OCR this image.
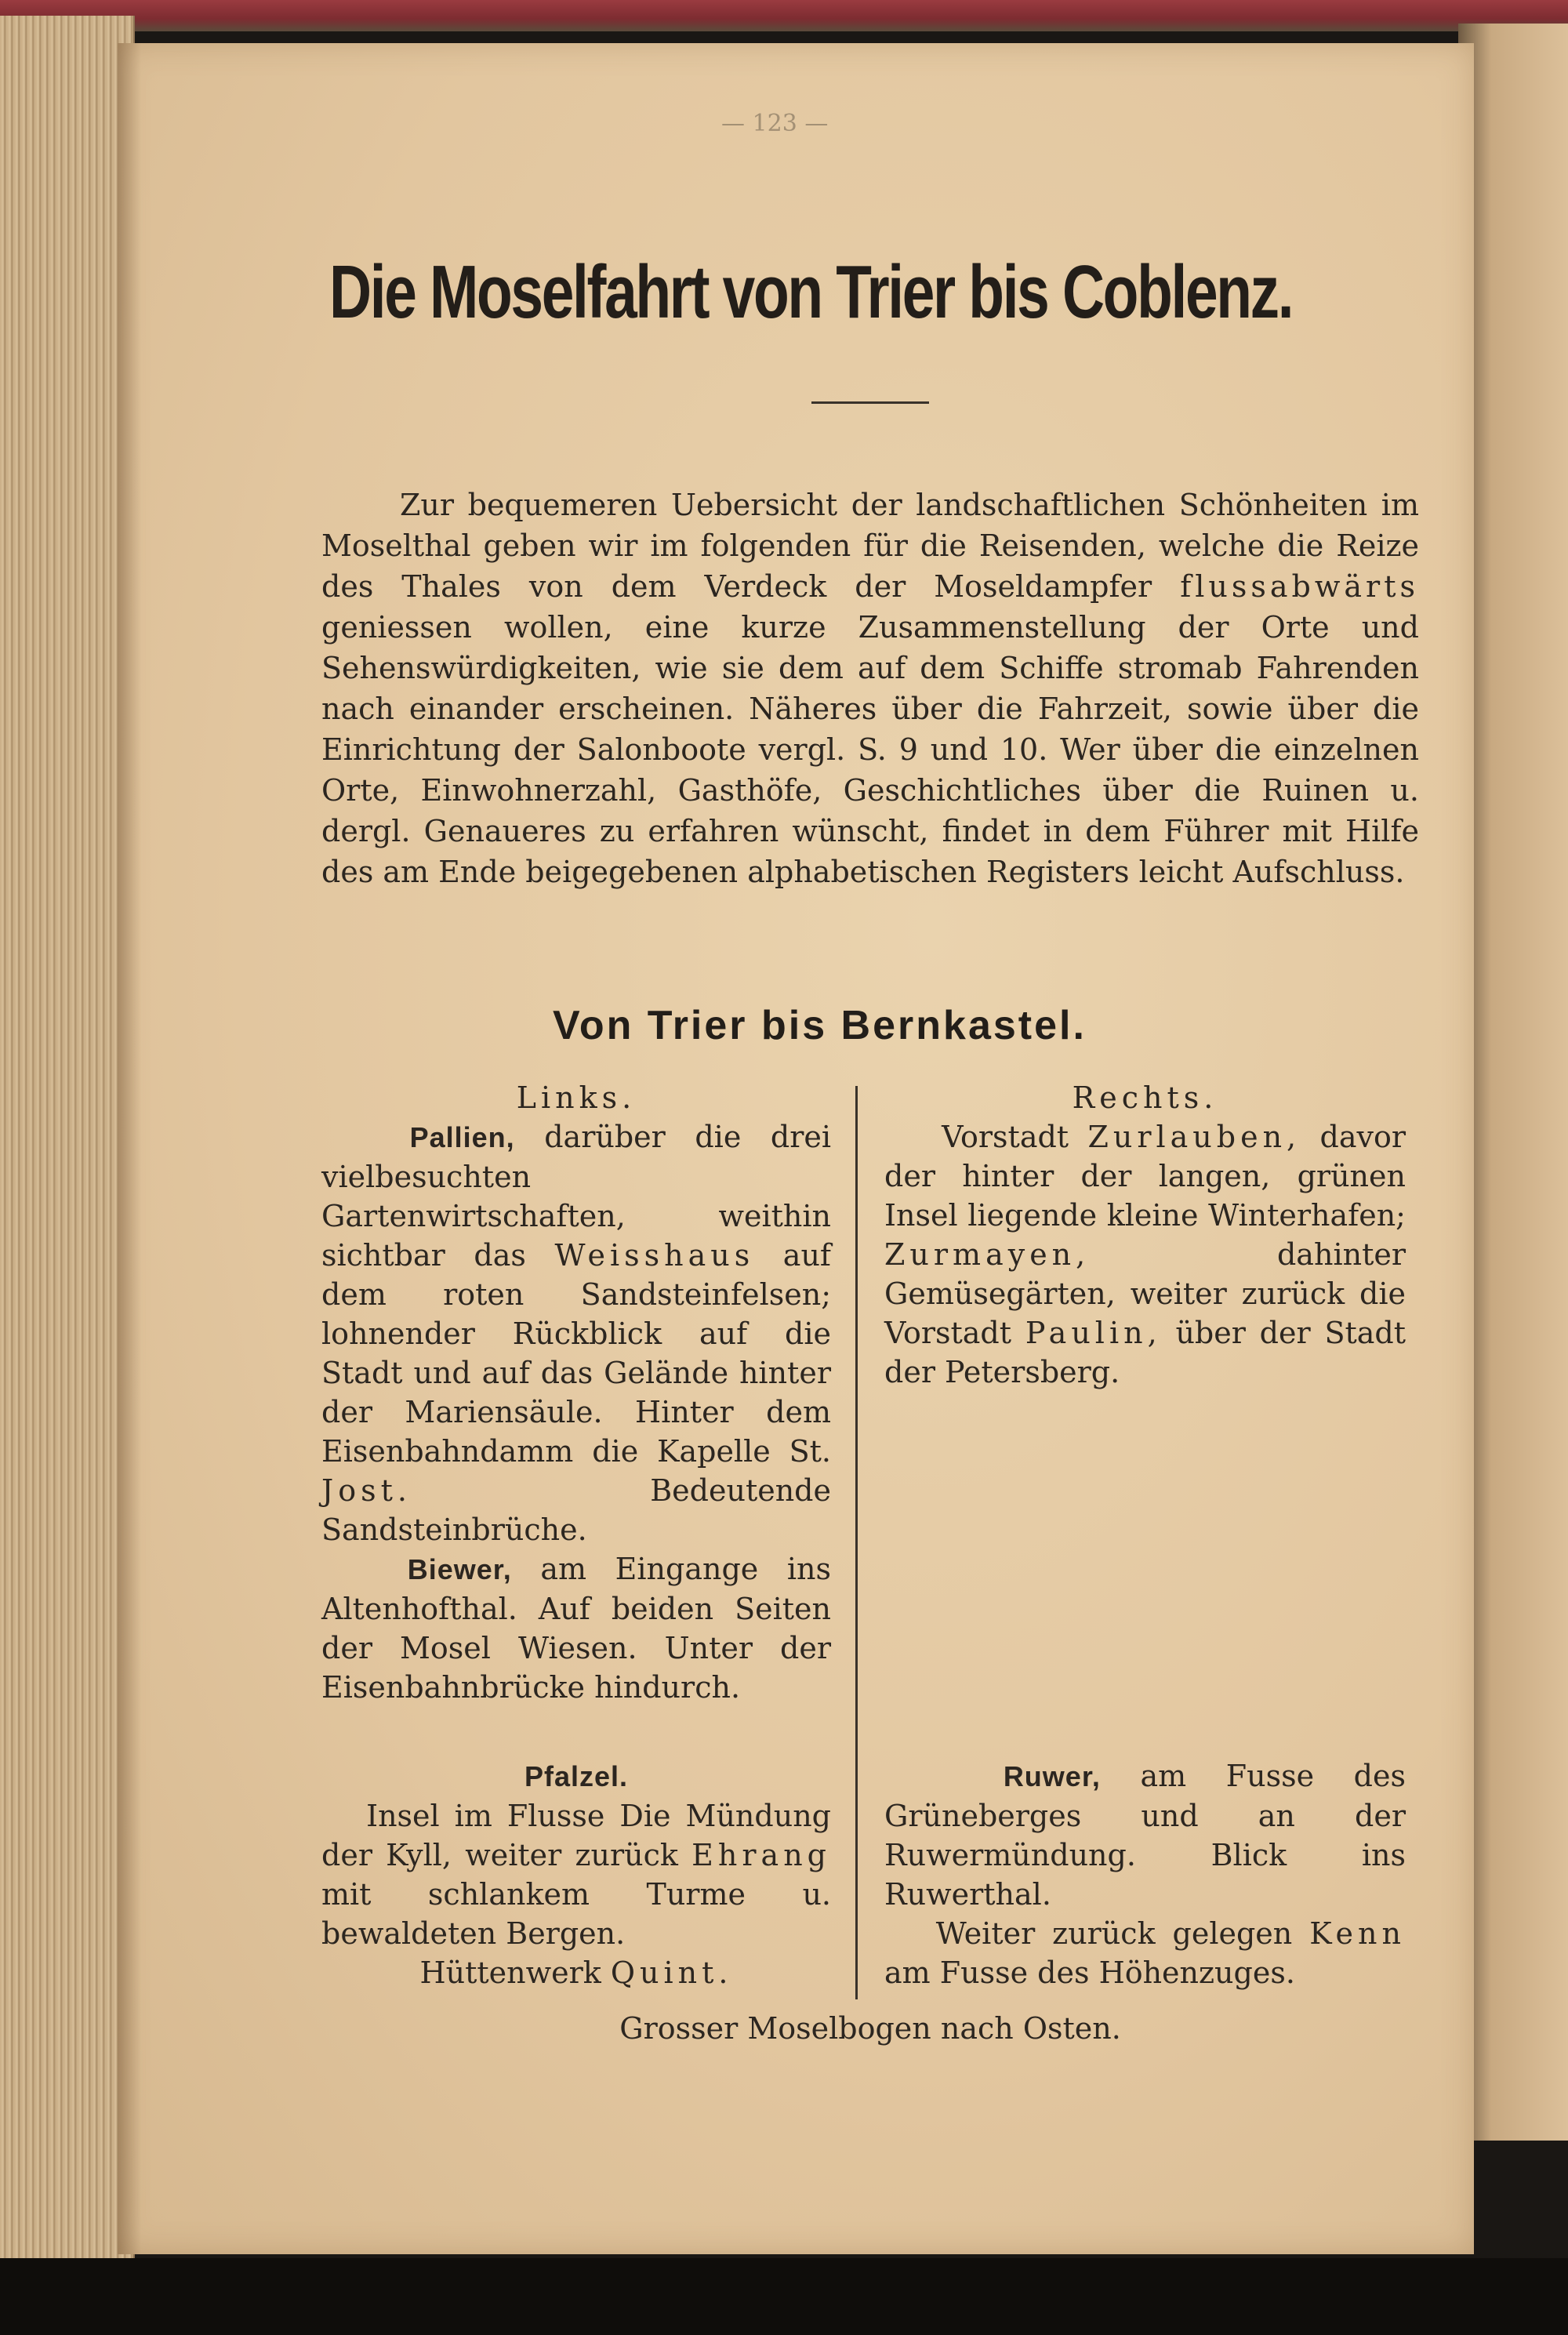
— 123 —
Die Moselfahrt von Trier bis Coblenz.
Zur bequemeren Uebersicht der landschaftlichen Schönheiten im Moselthal geben wir im folgenden für die Reisenden, welche die Reize des Thales von dem Verdeck der Moseldampfer flussabwärts geniessen wollen, eine kurze Zusammenstellung der Orte und Sehenswürdigkeiten, wie sie dem auf dem Schiffe stromab Fahrenden nach einander erscheinen. Näheres über die Fahrzeit, sowie über die Einrichtung der Salonboote vergl. S. 9 und 10. Wer über die einzelnen Orte, Einwohnerzahl, Gasthöfe, Geschichtliches über die Ruinen u. dergl. Genaueres zu erfahren wünscht, findet in dem Führer mit Hilfe des am Ende beigegebenen alphabetischen Registers leicht Aufschluss.
Von Trier bis Bernkastel.

Links.

Pallien, darüber die drei vielbesuchten Gartenwirtschaften, weithin sichtbar das Weisshaus auf dem roten Sandsteinfelsen; lohnender Rückblick auf die Stadt und auf das Gelände hinter der Mariensäule. Hinter dem Eisenbahndamm die Kapelle St. Jost. Bedeutende Sandsteinbrüche.

Biewer, am Eingange ins Altenhofthal. Auf beiden Seiten der Mosel Wiesen. Unter der Eisenbahnbrücke hindurch.

Rechts.

Vorstadt Zurlauben, davor der hinter der langen, grünen Insel liegende kleine Winterhafen; Zurmayen, dahinter Gemüsegärten, weiter zurück die Vorstadt Paulin, über der Stadt der Petersberg.

Pfalzel.

Insel im Flusse Die Mündung der Kyll, weiter zurück Ehrang mit schlankem Turme u. bewaldeten Bergen.

Hüttenwerk Quint.

Ruwer, am Fusse des Grüneberges und an der Ruwermündung. Blick ins Ruwerthal.

Weiter zurück gelegen Kenn am Fusse des Höhenzuges.

Grosser Moselbogen nach Osten.
